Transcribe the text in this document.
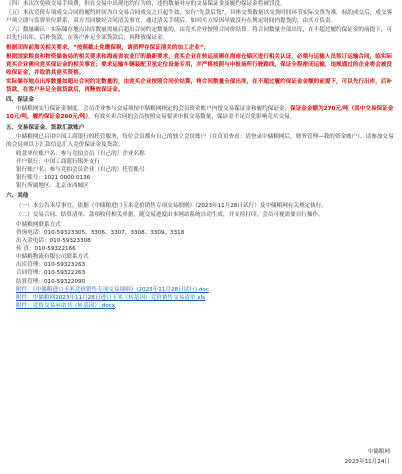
（四）本次次免收交易手续费，但在交易中出现违约行为的，违约数量对应的交易保证金及履约保证金将被罚没。
（五）本次竞价专项成交合同的履约时间为自交易合同成交之日起生效，实行“先款后货”，具体交货数量以交货时间环节实际交货为准。标的成交后，成交客户须立即与监督单位联系，双方共同做好合同清关事宜，通过清关手续后，如因买方原因导致没有在规定时间内提货的，由买方负责。
（六）数量确认：实际储存地点出库数量需量后超出合同约定数量的，由竞买企业按照合同价结算。将合同数量全部出库，在不超过履约保证金的前提下，可以先行出库，后补货款，在客户补足全部货款后，再释放保证金。
根据闭库前海关相关要求，“按照截止免缴保税，请质押存保证清关的加工企业”；
根据国家粮食和物资储备局的相关要求和海南省农业厅的最新要求，竞买企业在转运前需在海南仓储区进行相关认证，必须与运输人员签订运输合同，临实际竞买企业需向竞买保证金的相关事宜；要求运输车辆装配卫星定位设备专用，并严格按照与申报场所行驶路线，保证全程密闭运输，违规通过的企业将会被没收保证金，并取消其竞买资格。
实际储存地点出库数量如超出合同约定数量的，由竞买企业按照合同价结算，将合同数量全部出库，在不超过履约保证金金额的前提下，可以先行出库，后补货款，在客户补足全部货款后，再释放保证金。
四、保证金
中储粮网实行保证金制度，会员企业参与交易须按中储粮网指定的会员资金账户内按交易保证金和履约保证金，保证金金额为270元/吨（其中交易保证金10元/吨，履约保证金260元/吨）。有效买卖合同的会员按照交易要求申报交易数量，保证金不足以免影响竞买交易。
五、交易保证金、货款汇款账户
中储粮网已启用中国工商银行的托管服务，每位会员都有自己的独立会员账户（在首页查看：请登录中储粮网后，财务管理—我的资金账户），请参加交易的会员须以下汇款信息汇入竞价保证金及货款。
收款单位账户名：参与竞拍会员（自己的）企业名称
开户银行：中国工商银行锡外支行
银行账户名：参与竞拍会员企业（自己的）托管账号
银行账号：1021 0000 0136
银行所属地区：北京市西城区
六、其他
（一）本公告未尽事宜，依据《中储粮进口玉米竞价销售专项交易细则》（2023年11月28日试行）及中储粮网有关规定执行。
（二）交易合同、结算清单、款项收付相关单据，随交易进度由本网站系统自动生成，并支持打印，会员可视需要自行操作。
中储粮网联系方式
咨询电话：010-59323305、3306、3307、3308、3309、3318
出入金电话：010-59323308
传 真：010-59322166
中储粮物流有限公司联系方式
出库管理：010-59323263
合同管理：010-59322263
结算管理：010-59322090
附件：《中储粮进口玉米竞价销售专项交易细则》(2023年11月28日试行).doc
附件：中储粮网2023年11月28日进口玉米（转基因）竞价销售交易清单.xls
附件：竞价交易承诺书（转基因）.docx
中储粮网
2023年11月24日
